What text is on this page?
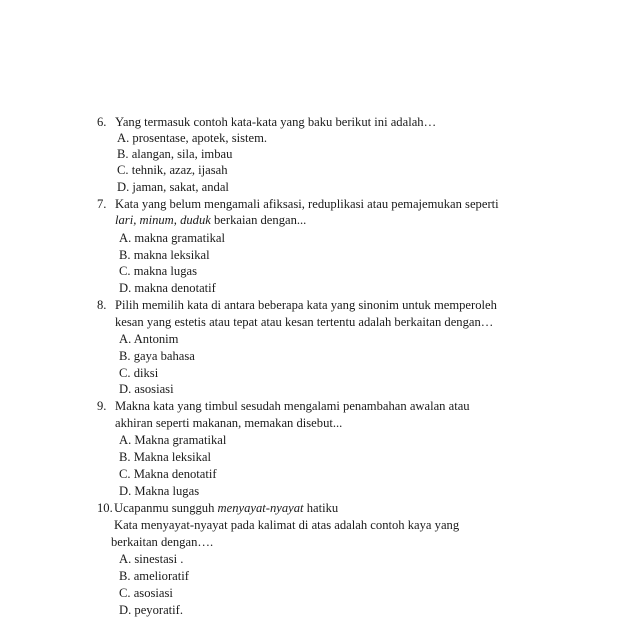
6. Yang termasuk contoh kata-kata yang baku berikut ini adalah…
A. prosentase, apotek, sistem.
B. alangan, sila, imbau
C. tehnik, azaz, ijasah
D. jaman, sakat, andal
7. Kata yang belum mengamali afiksasi, reduplikasi atau pemajemukan seperti
lari, minum, duduk berkaian dengan...
A. makna gramatikal
B. makna leksikal
C. makna lugas
D. makna denotatif
8. Pilih memilih kata di antara beberapa kata yang sinonim untuk memperoleh
kesan yang estetis atau tepat atau kesan tertentu adalah berkaitan dengan…
A. Antonim
B. gaya bahasa
C. diksi
D. asosiasi
9. Makna kata yang timbul sesudah mengalami penambahan awalan atau
akhiran seperti makanan, memakan disebut...
A. Makna gramatikal
B. Makna leksikal
C. Makna denotatif
D. Makna lugas
10. Ucapanmu sungguh menyayat-nyayat hatiku
Kata menyayat-nyayat pada kalimat di atas adalah contoh kaya yang
berkaitan dengan….
A. sinestasi .
B. amelioratif
C. asosiasi
D. peyoratif.
